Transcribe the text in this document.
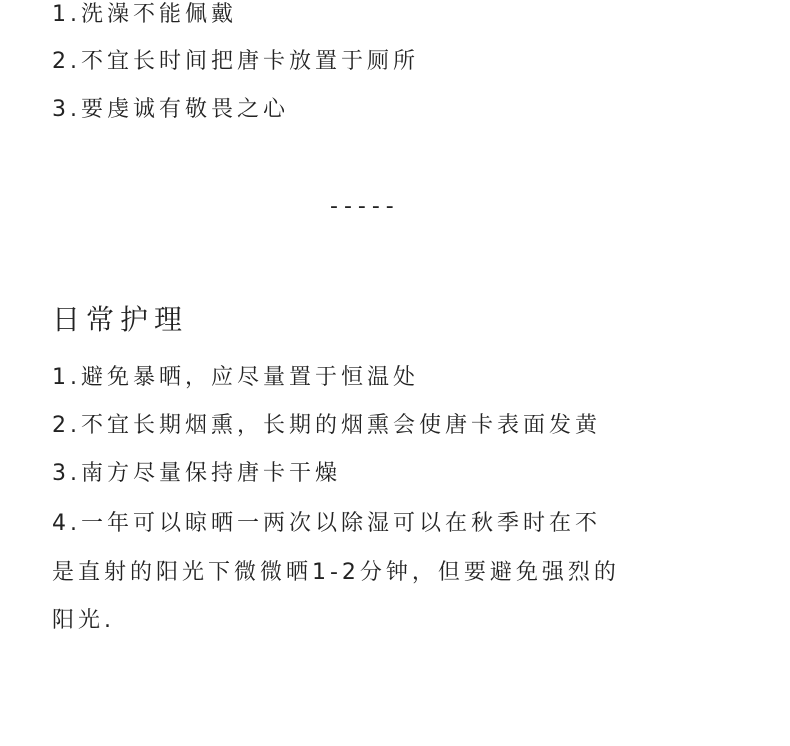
1.洗澡不能佩戴

2.不宜长时间把唐卡放置于厕所

3.要虔诚有敬畏之心

-----

日常护理

1.避免暴晒，应尽量置于恒温处

2.不宜长期烟熏，长期的烟熏会使唐卡表面发黄

3.南方尽量保持唐卡干燥

4.一年可以晾晒一两次以除湿可以在秋季时在不

是直射的阳光下微微晒1-2分钟，但要避免强烈的

阳光.
